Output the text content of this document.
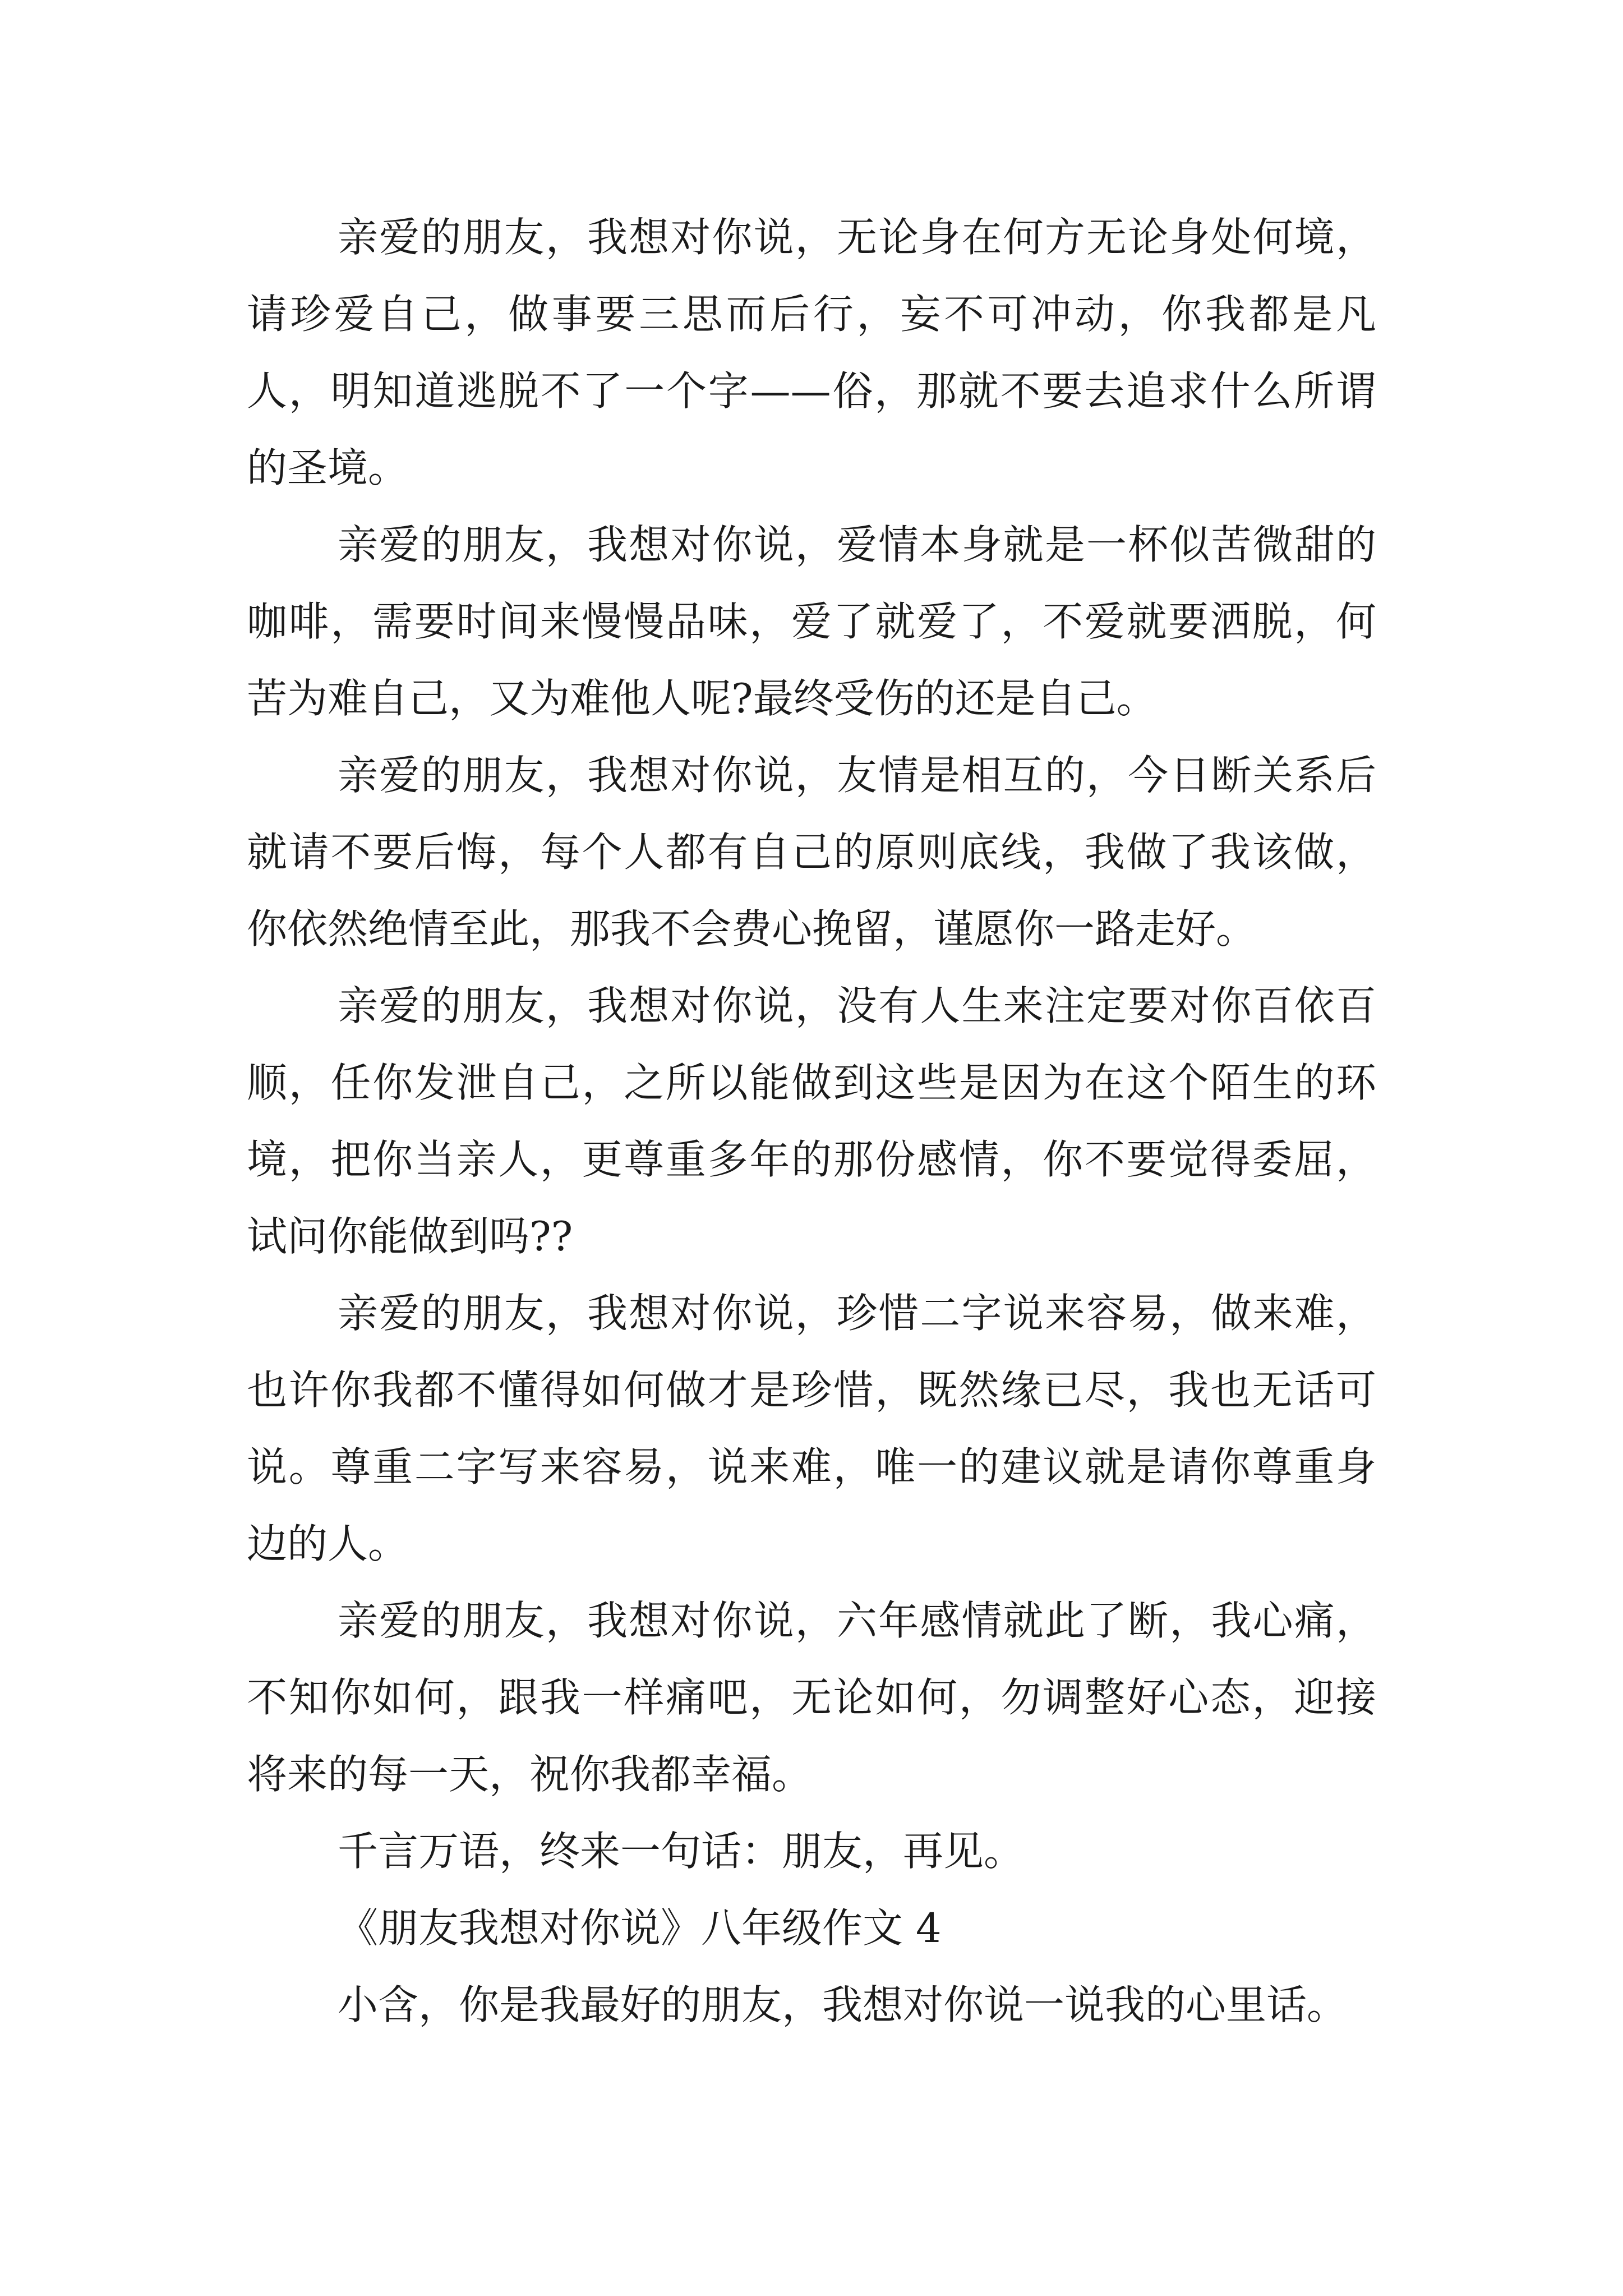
亲爱的朋友，我想对你说，无论身在何方无论身处何境，请珍爱自己，做事要三思而后行，妄不可冲动，你我都是凡人，明知道逃脱不了一个字——俗，那就不要去追求什么所谓的圣境。

亲爱的朋友，我想对你说，爱情本身就是一杯似苦微甜的咖啡，需要时间来慢慢品味，爱了就爱了，不爱就要洒脱，何苦为难自己，又为难他人呢?最终受伤的还是自己。

亲爱的朋友，我想对你说，友情是相互的，今日断关系后就请不要后悔，每个人都有自己的原则底线，我做了我该做，你依然绝情至此，那我不会费心挽留，谨愿你一路走好。

亲爱的朋友，我想对你说，没有人生来注定要对你百依百顺，任你发泄自己，之所以能做到这些是因为在这个陌生的环境，把你当亲人，更尊重多年的那份感情，你不要觉得委屈，试问你能做到吗??

亲爱的朋友，我想对你说，珍惜二字说来容易，做来难，也许你我都不懂得如何做才是珍惜，既然缘已尽，我也无话可说。尊重二字写来容易，说来难，唯一的建议就是请你尊重身边的人。

亲爱的朋友，我想对你说，六年感情就此了断，我心痛，不知你如何，跟我一样痛吧，无论如何，勿调整好心态，迎接将来的每一天，祝你我都幸福。

千言万语，终来一句话：朋友，再见。

《朋友我想对你说》八年级作文 4

小含，你是我最好的朋友，我想对你说一说我的心里话。
